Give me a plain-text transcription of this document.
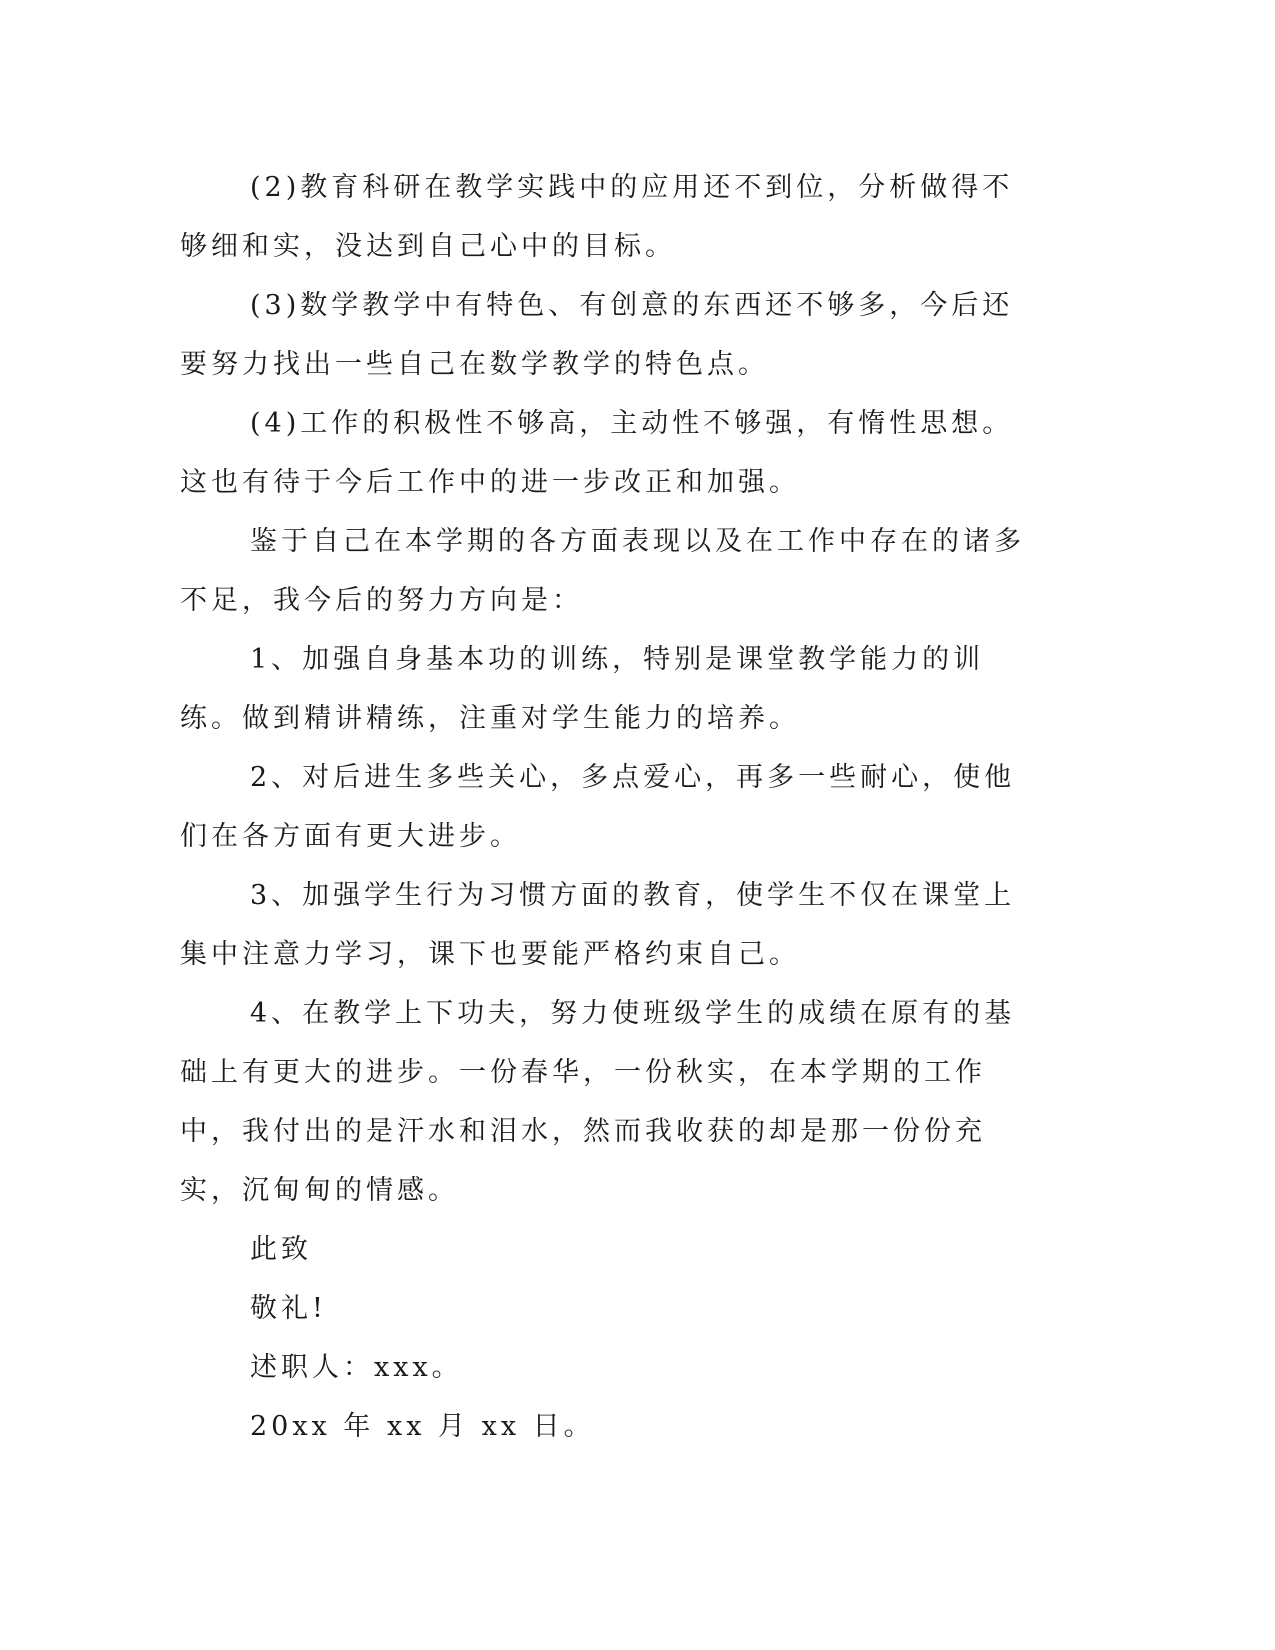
(2)教育科研在教学实践中的应用还不到位，分析做得不够细和实，没达到自己心中的目标。

(3)数学教学中有特色、有创意的东西还不够多，今后还要努力找出一些自己在数学教学的特色点。

(4)工作的积极性不够高，主动性不够强，有惰性思想。这也有待于今后工作中的进一步改正和加强。

鉴于自己在本学期的各方面表现以及在工作中存在的诸多不足，我今后的努力方向是：

1、加强自身基本功的训练，特别是课堂教学能力的训练。做到精讲精练，注重对学生能力的培养。

2、对后进生多些关心，多点爱心，再多一些耐心，使他们在各方面有更大进步。

3、加强学生行为习惯方面的教育，使学生不仅在课堂上集中注意力学习，课下也要能严格约束自己。

4、在教学上下功夫，努力使班级学生的成绩在原有的基础上有更大的进步。一份春华，一份秋实，在本学期的工作中，我付出的是汗水和泪水，然而我收获的却是那一份份充实，沉甸甸的情感。

此致

敬礼!

述职人：xxx。

20xx 年 xx 月 xx 日。
